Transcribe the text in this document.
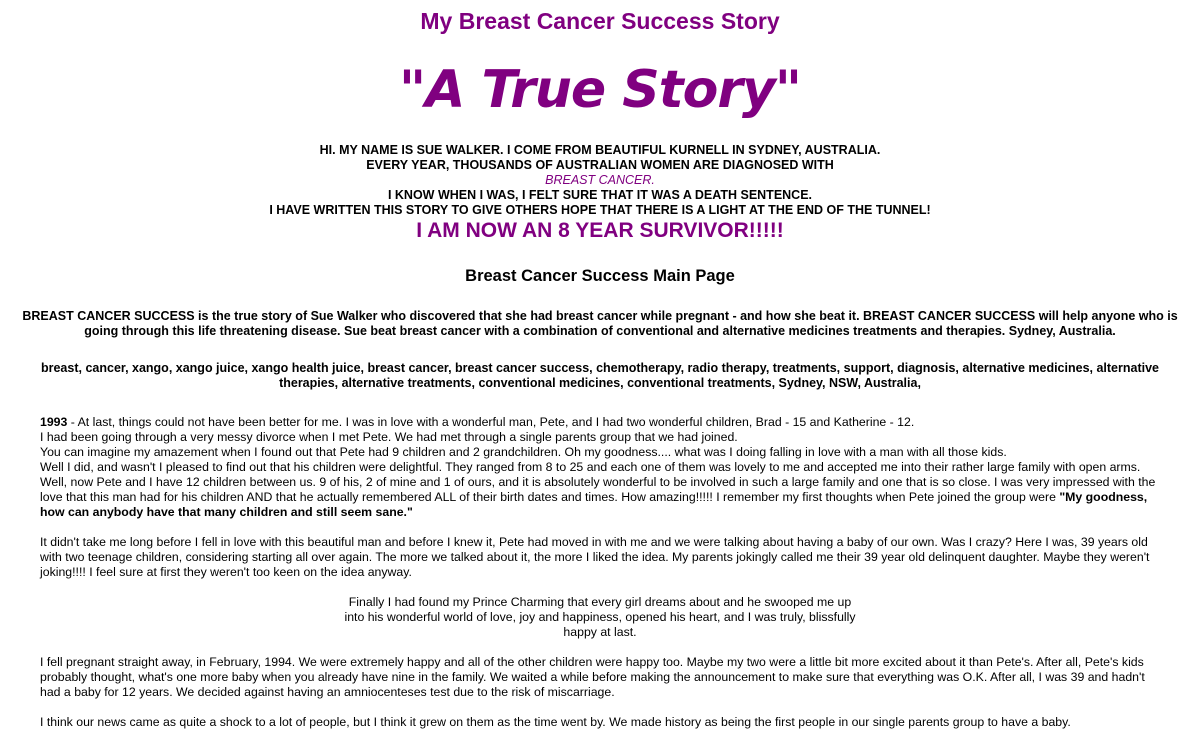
My Breast Cancer Success Story
"A True Story"
HI. MY NAME IS SUE WALKER. I COME FROM BEAUTIFUL KURNELL IN SYDNEY, AUSTRALIA.
EVERY YEAR, THOUSANDS OF AUSTRALIAN WOMEN ARE DIAGNOSED WITH
BREAST CANCER.
I KNOW WHEN I WAS, I FELT SURE THAT IT WAS A DEATH SENTENCE.
I HAVE WRITTEN THIS STORY TO GIVE OTHERS HOPE THAT THERE IS A LIGHT AT THE END OF THE TUNNEL!
I AM NOW AN 8 YEAR SURVIVOR!!!!!
Breast Cancer Success Main Page
BREAST CANCER SUCCESS is the true story of Sue Walker who discovered that she had breast cancer while pregnant - and how she beat it. BREAST CANCER SUCCESS will help anyone who is going through this life threatening disease. Sue beat breast cancer with a combination of conventional and alternative medicines treatments and therapies. Sydney, Australia.
breast, cancer, xango, xango juice, xango health juice, breast cancer, breast cancer success, chemotherapy, radio therapy, treatments, support, diagnosis, alternative medicines, alternative therapies, alternative treatments, conventional medicines, conventional treatments, Sydney, NSW, Australia,

1993 - At last, things could not have been better for me. I was in love with a wonderful man, Pete, and I had two wonderful children, Brad - 15 and Katherine - 12.

I had been going through a very messy divorce when I met Pete. We had met through a single parents group that we had joined.

You can imagine my amazement when I found out that Pete had 9 children and 2 grandchildren. Oh my goodness.... what was I doing falling in love with a man with all those kids.

Well I did, and wasn't I pleased to find out that his children were delightful. They ranged from 8 to 25 and each one of them was lovely to me and accepted me into their rather large family with open arms. Well, now Pete and I have 12 children between us. 9 of his, 2 of mine and 1 of ours, and it is absolutely wonderful to be involved in such a large family and one that is so close. I was very impressed with the love that this man had for his children AND that he actually remembered ALL of their birth dates and times. How amazing!!!!! I remember my first thoughts when Pete joined the group were "My goodness, how can anybody have that many children and still seem sane."

It didn't take me long before I fell in love with this beautiful man and before I knew it, Pete had moved in with me and we were talking about having a baby of our own. Was I crazy? Here I was, 39 years old with two teenage children, considering starting all over again. The more we talked about it, the more I liked the idea. My parents jokingly called me their 39 year old delinquent daughter. Maybe they weren't joking!!!! I feel sure at first they weren't too keen on the idea anyway.

Finally I had found my Prince Charming that every girl dreams about and he swooped me up

into his wonderful world of love, joy and happiness, opened his heart, and I was truly, blissfully

happy at last.

I fell pregnant straight away, in February, 1994. We were extremely happy and all of the other children were happy too. Maybe my two were a little bit more excited about it than Pete's. After all, Pete's kids probably thought, what's one more baby when you already have nine in the family. We waited a while before making the announcement to make sure that everything was O.K. After all, I was 39 and hadn't had a baby for 12 years. We decided against having an amniocenteses test due to the risk of miscarriage.

I think our news came as quite a shock to a lot of people, but I think it grew on them as the time went by. We made history as being the first people in our single parents group to have a baby.
